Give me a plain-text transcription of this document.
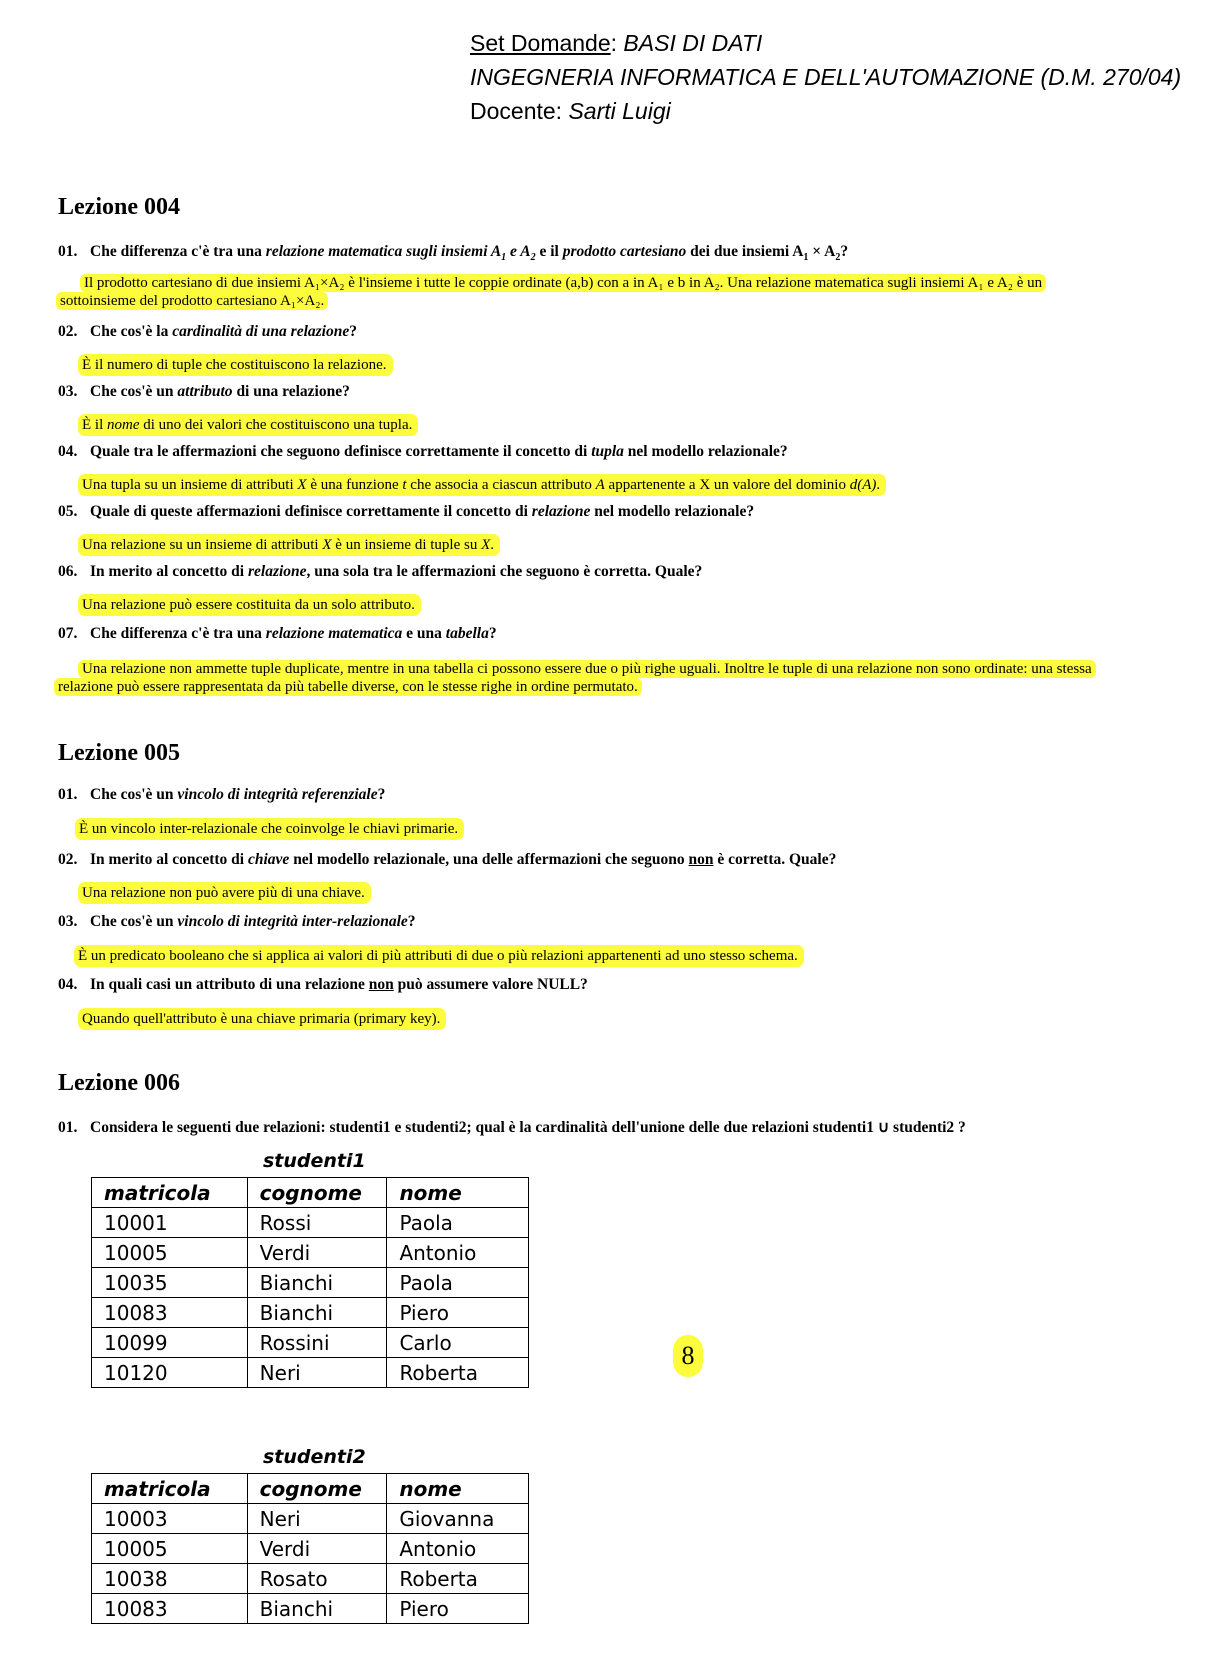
Set Domande: BASI DI DATI
INGEGNERIA INFORMATICA E DELL'AUTOMAZIONE (D.M. 270/04)
Docente: Sarti Luigi
Lezione 004
01. Che differenza c'è tra una relazione matematica sugli insiemi $A_1$ e $A_2$ e il prodotto cartesiano dei due insiemi $A_1 \times A_2$?
Il prodotto cartesiano di due insiemi A₁×A₂ è l'insieme i tutte le coppie ordinate (a,b) con a in A₁ e b in A₂. Una relazione matematica sugli insiemi A₁ e A₂ è un
sottoinsieme del prodotto cartesiano A₁×A₂.
02. Che cos'è la cardinalità di una relazione?
È il numero di tuple che costituiscono la relazione.
03. Che cos'è un attributo di una relazione?
È il nome di uno dei valori che costituiscono una tupla.
04. Quale tra le affermazioni che seguono definisce correttamente il concetto di tupla nel modello relazionale?
Una tupla su un insieme di attributi X è una funzione t che associa a ciascun attributo A appartenente a X un valore del dominio d(A).
05. Quale di queste affermazioni definisce correttamente il concetto di relazione nel modello relazionale?
Una relazione su un insieme di attributi X è un insieme di tuple su X.
06. In merito al concetto di relazione, una sola tra le affermazioni che seguono è corretta. Quale?
Una relazione può essere costituita da un solo attributo.
07. Che differenza c'è tra una relazione matematica e una tabella?
Una relazione non ammette tuple duplicate, mentre in una tabella ci possono essere due o più righe uguali. Inoltre le tuple di una relazione non sono ordinate: una stessa
relazione può essere rappresentata da più tabelle diverse, con le stesse righe in ordine permutato.
Lezione 005
01. Che cos'è un vincolo di integrità referenziale?
È un vincolo inter-relazionale che coinvolge le chiavi primarie.
02. In merito al concetto di chiave nel modello relazionale, una delle affermazioni che seguono non è corretta. Quale?
Una relazione non può avere più di una chiave.
03. Che cos'è un vincolo di integrità inter-relazionale?
È un predicato booleano che si applica ai valori di più attributi di due o più relazioni appartenenti ad uno stesso schema.
04. In quali casi un attributo di una relazione non può assumere valore NULL?
Quando quell'attributo è una chiave primaria (primary key).
Lezione 006
01. Considera le seguenti due relazioni: studenti1 e studenti2; qual è la cardinalità dell'unione delle due relazioni studenti1 ∪ studenti2 ?
studenti1
matricola	cognome	nome
10001	Rossi	Paola
10005	Verdi	Antonio
10035	Bianchi	Paola
10083	Bianchi	Piero
10099	Rossini	Carlo
10120	Neri	Roberta
8
studenti2
matricola	cognome	nome
10003	Neri	Giovanna
10005	Verdi	Antonio
10038	Rosato	Roberta
10083	Bianchi	Piero
